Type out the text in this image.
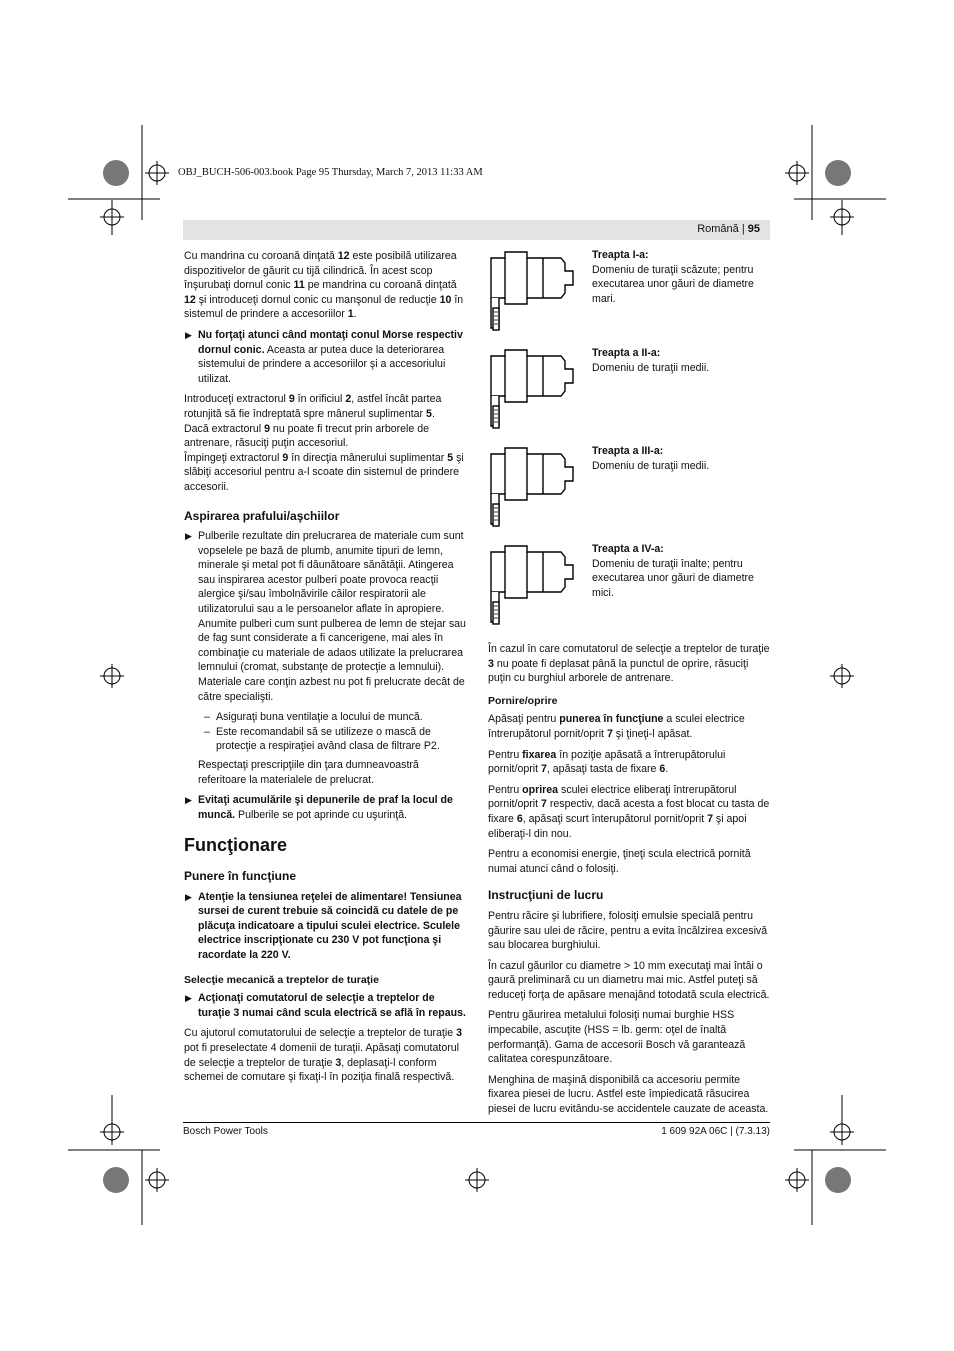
OBJ_BUCH-506-003.book Page 95 Thursday, March 7, 2013 11:33 AM
Română | 95

Cu mandrina cu coroană dinţată 12 este posibilă utilizarea dispozitivelor de găurit cu tijă cilindrică. În acest scop înşurubaţi dornul conic 11 pe mandrina cu coroană dinţată 12 şi introduceţi dornul conic cu manşonul de reducţie 10 în sistemul de prindere a accesoriilor 1.

▶ Nu forţaţi atunci când montaţi conul Morse respectiv dornul conic. Aceasta ar putea duce la deteriorarea sistemului de prindere a accesoriilor şi a accesoriului utilizat.

Introduceţi extractorul 9 în orificiul 2, astfel încât partea rotunjită să fie îndreptată spre mânerul suplimentar 5.

Dacă extractorul 9 nu poate fi trecut prin arborele de antrenare, răsuciţi puţin accesoriul.

Împingeţi extractorul 9 în direcţia mânerului suplimentar 5 şi slăbiţi accesoriul pentru a-l scoate din sistemul de prindere accesorii.

Aspirarea prafului/aşchiilor
▶ Pulberile rezultate din prelucrarea de materiale cum sunt vopselele pe bază de plumb, anumite tipuri de lemn, minerale şi metal pot fi dăunătoare sănătăţii. Atingerea sau inspirarea acestor pulberi poate provoca reacţii alergice şi/sau îmbolnăvirile căilor respiratorii ale utilizatorului sau a le persoanelor aflate în apropiere.
Anumite pulberi cum sunt pulberea de lemn de stejar sau de fag sunt considerate a fi cancerigene, mai ales în combinaţie cu materiale de adaos utilizate la prelucrarea lemnului (cromat, substanţe de protecţie a lemnului). Materiale care conţin azbest nu pot fi prelucrate decât de către specialişti.
– Asiguraţi buna ventilaţie a locului de muncă.
– Este recomandabil să se utilizeze o mască de protecţie a respiraţiei având clasa de filtrare P2.
Respectaţi prescripţiile din ţara dumneavoastră referitoare la materialele de prelucrat.
▶ Evitaţi acumulările şi depunerile de praf la locul de muncă. Pulberile se pot aprinde cu uşurinţă.
Funcţionare
Punere în funcţiune
▶ Atenţie la tensiunea reţelei de alimentare! Tensiunea sursei de curent trebuie să coincidă cu datele de pe plăcuţa indicatoare a tipului sculei electrice. Sculele electrice inscripţionate cu 230 V pot funcţiona şi racordate la 220 V.
Selecţie mecanică a treptelor de turaţie
▶ Acţionaţi comutatorul de selecţie a treptelor de turaţie 3 numai când scula electrică se află în repaus.

Cu ajutorul comutatorului de selecţie a treptelor de turaţie 3 pot fi preselectate 4 domenii de turaţii. Apăsaţi comutatorul de selecţie a treptelor de turaţie 3, deplasaţi-l conform schemei de comutare şi fixaţi-l în poziţia finală respectivă.

Treapta I-a:
Domeniu de turaţii scăzute; pentru executarea unor găuri de diametre mari.
Treapta a II-a:
Domeniu de turaţii medii.
Treapta a III-a:
Domeniu de turaţii medii.
Treapta a IV-a:
Domeniu de turaţii înalte; pentru executarea unor găuri de diametre mici.

În cazul în care comutatorul de selecţie a treptelor de turaţie 3 nu poate fi deplasat până la punctul de oprire, răsuciţi puţin cu burghiul arborele de antrenare.

Pornire/oprire

Apăsaţi pentru punerea în funcţiune a sculei electrice întrerupătorul pornit/oprit 7 şi ţineţi-l apăsat.

Pentru fixarea în poziţie apăsată a întrerupătorului pornit/oprit 7, apăsaţi tasta de fixare 6.

Pentru oprirea sculei electrice eliberaţi întrerupătorul pornit/oprit 7 respectiv, dacă acesta a fost blocat cu tasta de fixare 6, apăsaţi scurt înterupătorul pornit/oprit 7 şi apoi eliberaţi-l din nou.

Pentru a economisi energie, ţineţi scula electrică pornită numai atunci când o folosiţi.

Instrucţiuni de lucru

Pentru răcire şi lubrifiere, folosiţi emulsie specială pentru găurire sau ulei de răcire, pentru a evita încălzirea excesivă sau blocarea burghiului.

În cazul găurilor cu diametre > 10 mm executaţi mai întâi o gaură preliminară cu un diametru mai mic. Astfel puteţi să reduceţi forţa de apăsare menajând totodată scula electrică.

Pentru găurirea metalului folosiţi numai burghie HSS impecabile, ascuţite (HSS = lb. germ: oţel de înaltă performanţă). Gama de accesorii Bosch vă garantează calitatea corespunzătoare.

Menghina de maşină disponibilă ca accesoriu permite fixarea piesei de lucru. Astfel este împiedicată răsucirea piesei de lucru evitându-se accidentele cauzate de aceasta.

Bosch Power Tools	1 609 92A 06C | (7.3.13)
